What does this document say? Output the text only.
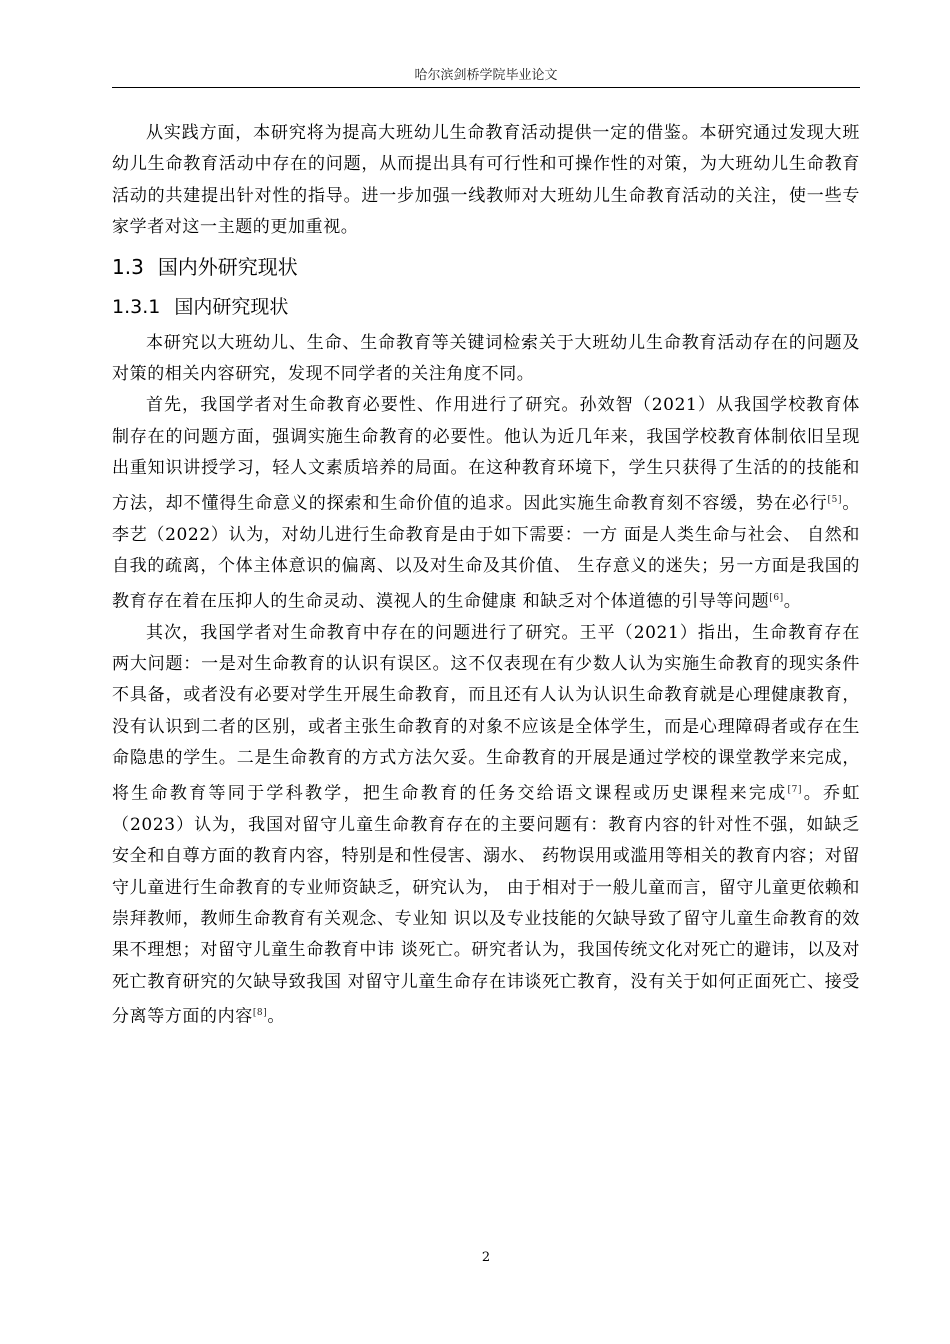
哈尔滨剑桥学院毕业论文

从实践方面，本研究将为提高大班幼儿生命教育活动提供一定的借鉴。本研究通过发现大班幼儿生命教育活动中存在的问题，从而提出具有可行性和可操作性的对策，为大班幼儿生命教育活动的共建提出针对性的指导。进一步加强一线教师对大班幼儿生命教育活动的关注，使一些专家学者对这一主题的更加重视。

1.3 国内外研究现状
1.3.1 国内研究现状

本研究以大班幼儿、生命、生命教育等关键词检索关于大班幼儿生命教育活动存在的问题及对策的相关内容研究，发现不同学者的关注角度不同。

首先，我国学者对生命教育必要性、作用进行了研究。孙效智（2021）从我国学校教育体制存在的问题方面，强调实施生命教育的必要性。他认为近几年来，我国学校教育体制依旧呈现出重知识讲授学习，轻人文素质培养的局面。在这种教育环境下，学生只获得了生活的的技能和方法，却不懂得生命意义的探索和生命价值的追求。因此实施生命教育刻不容缓，势在必行[5]。李艺（2022）认为，对幼儿进行生命教育是由于如下需要：一方 面是人类生命与社会、 自然和自我的疏离，个体主体意识的偏离、以及对生命及其价值、 生存意义的迷失；另一方面是我国的教育存在着在压抑人的生命灵动、漠视人的生命健康 和缺乏对个体道德的引导等问题[6]。

其次，我国学者对生命教育中存在的问题进行了研究。王平（2021）指出，生命教育存在两大问题：一是对生命教育的认识有误区。这不仅表现在有少数人认为实施生命教育的现实条件不具备，或者没有必要对学生开展生命教育，而且还有人认为认识生命教育就是心理健康教育，没有认识到二者的区别，或者主张生命教育的对象不应该是全体学生，而是心理障碍者或存在生命隐患的学生。二是生命教育的方式方法欠妥。生命教育的开展是通过学校的课堂教学来完成，将生命教育等同于学科教学，把生命教育的任务交给语文课程或历史课程来完成[7]。乔虹（2023）认为，我国对留守儿童生命教育存在的主要问题有：教育内容的针对性不强，如缺乏安全和自尊方面的教育内容，特别是和性侵害、溺水、 药物误用或滥用等相关的教育内容；对留守儿童进行生命教育的专业师资缺乏，研究认为， 由于相对于一般儿童而言，留守儿童更依赖和崇拜教师，教师生命教育有关观念、专业知 识以及专业技能的欠缺导致了留守儿童生命教育的效果不理想；对留守儿童生命教育中讳 谈死亡。研究者认为，我国传统文化对死亡的避讳，以及对死亡教育研究的欠缺导致我国 对留守儿童生命存在讳谈死亡教育，没有关于如何正面死亡、接受分离等方面的内容[8]。

2
